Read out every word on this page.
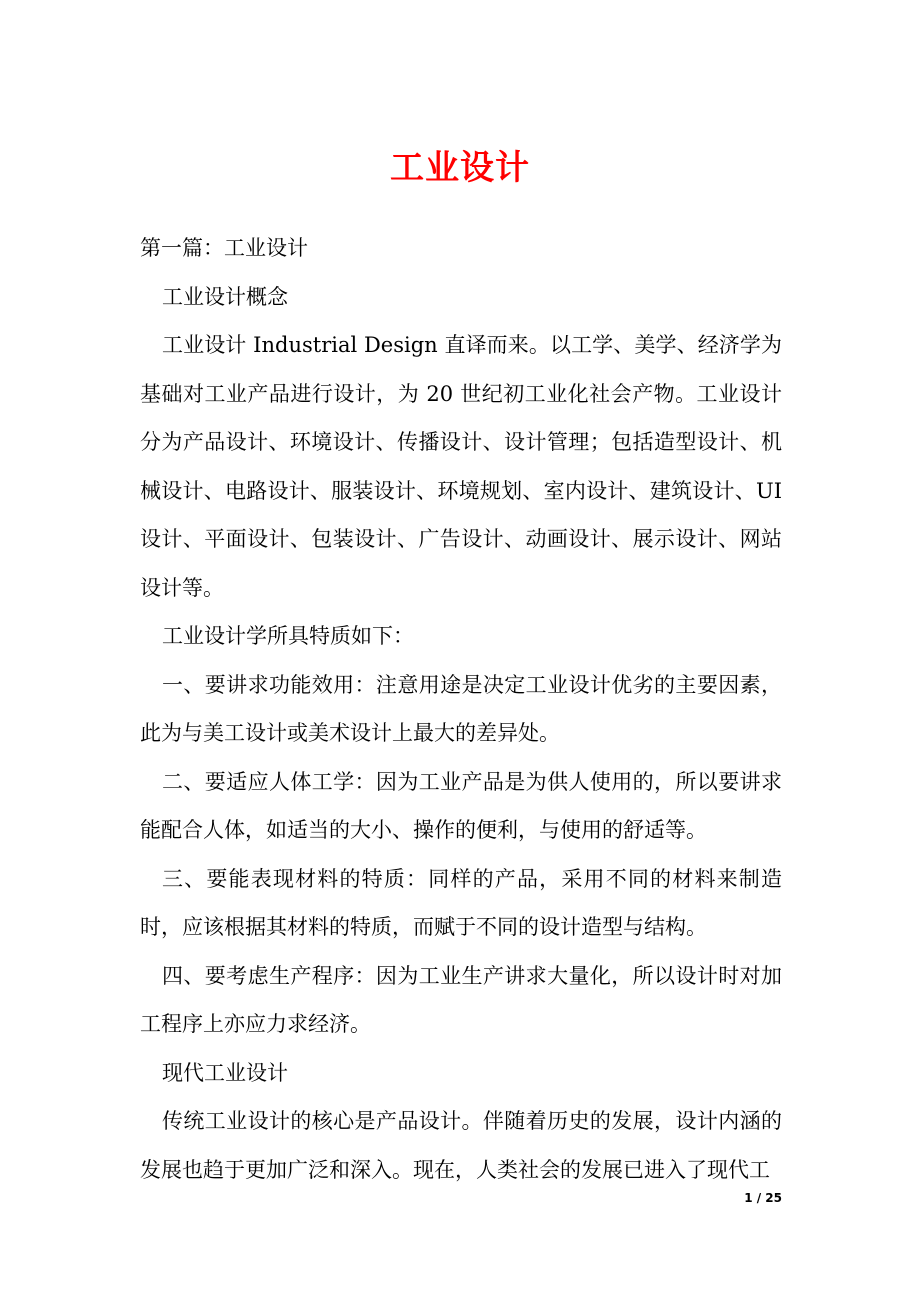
工业设计

第一篇：工业设计

工业设计概念

工业设计 Industrial Design 直译而来。以工学、美学、经济学为基础对工业产品进行设计，为 20 世纪初工业化社会产物。工业设计分为产品设计、环境设计、传播设计、设计管理；包括造型设计、机械设计、电路设计、服装设计、环境规划、室内设计、建筑设计、UI 设计、平面设计、包装设计、广告设计、动画设计、展示设计、网站设计等。

工业设计学所具特质如下：

一、要讲求功能效用：注意用途是决定工业设计优劣的主要因素，此为与美工设计或美术设计上最大的差异处。

二、要适应人体工学：因为工业产品是为供人使用的，所以要讲求能配合人体，如适当的大小、操作的便利，与使用的舒适等。

三、要能表现材料的特质：同样的产品，采用不同的材料来制造时，应该根据其材料的特质，而赋于不同的设计造型与结构。

四、要考虑生产程序：因为工业生产讲求大量化，所以设计时对加工程序上亦应力求经济。

现代工业设计

传统工业设计的核心是产品设计。伴随着历史的发展，设计内涵的发展也趋于更加广泛和深入。现在，人类社会的发展已进入了现代工

1 / 25
